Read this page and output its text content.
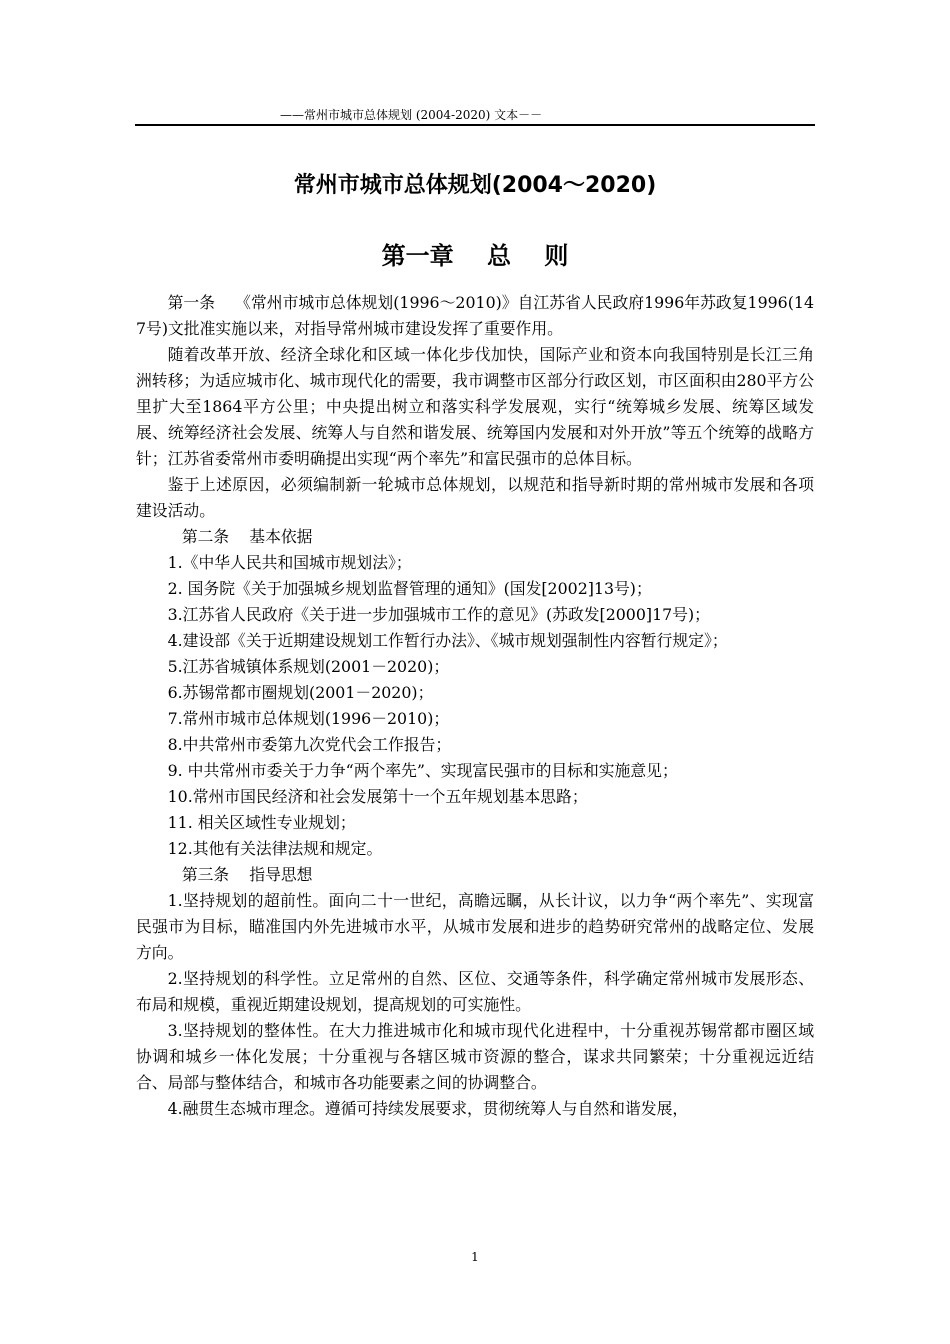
——常州市城市总体规划 (2004-2020) 文本－－
常州市城市总体规划(2004～2020)
第一章    总    则

第一条    《常州市城市总体规划(1996～2010)》自江苏省人民政府1996年苏政复1996(147号)文批准实施以来，对指导常州城市建设发挥了重要作用。

随着改革开放、经济全球化和区域一体化步伐加快，国际产业和资本向我国特别是长江三角洲转移；为适应城市化、城市现代化的需要，我市调整市区部分行政区划，市区面积由280平方公里扩大至1864平方公里；中央提出树立和落实科学发展观，实行“统筹城乡发展、统筹区域发展、统筹经济社会发展、统筹人与自然和谐发展、统筹国内发展和对外开放”等五个统筹的战略方针；江苏省委常州市委明确提出实现“两个率先”和富民强市的总体目标。

鉴于上述原因，必须编制新一轮城市总体规划，以规范和指导新时期的常州城市发展和各项建设活动。

第二条    基本依据

1.《中华人民共和国城市规划法》；

2. 国务院《关于加强城乡规划监督管理的通知》(国发[2002]13号)；

3.江苏省人民政府《关于进一步加强城市工作的意见》(苏政发[2000]17号)；

4.建设部《关于近期建设规划工作暂行办法》、《城市规划强制性内容暂行规定》；

5.江苏省城镇体系规划(2001－2020)；

6.苏锡常都市圈规划(2001－2020)；

7.常州市城市总体规划(1996－2010)；

8.中共常州市委第九次党代会工作报告；

9. 中共常州市委关于力争“两个率先”、实现富民强市的目标和实施意见；

10.常州市国民经济和社会发展第十一个五年规划基本思路；

11. 相关区域性专业规划；

12.其他有关法律法规和规定。

第三条    指导思想

1.坚持规划的超前性。面向二十一世纪，高瞻远瞩，从长计议，以力争“两个率先”、实现富民强市为目标，瞄准国内外先进城市水平，从城市发展和进步的趋势研究常州的战略定位、发展方向。

2.坚持规划的科学性。立足常州的自然、区位、交通等条件，科学确定常州城市发展形态、布局和规模，重视近期建设规划，提高规划的可实施性。

3.坚持规划的整体性。在大力推进城市化和城市现代化进程中，十分重视苏锡常都市圈区域协调和城乡一体化发展；十分重视与各辖区城市资源的整合，谋求共同繁荣；十分重视远近结合、局部与整体结合，和城市各功能要素之间的协调整合。

4.融贯生态城市理念。遵循可持续发展要求，贯彻统筹人与自然和谐发展，

1
